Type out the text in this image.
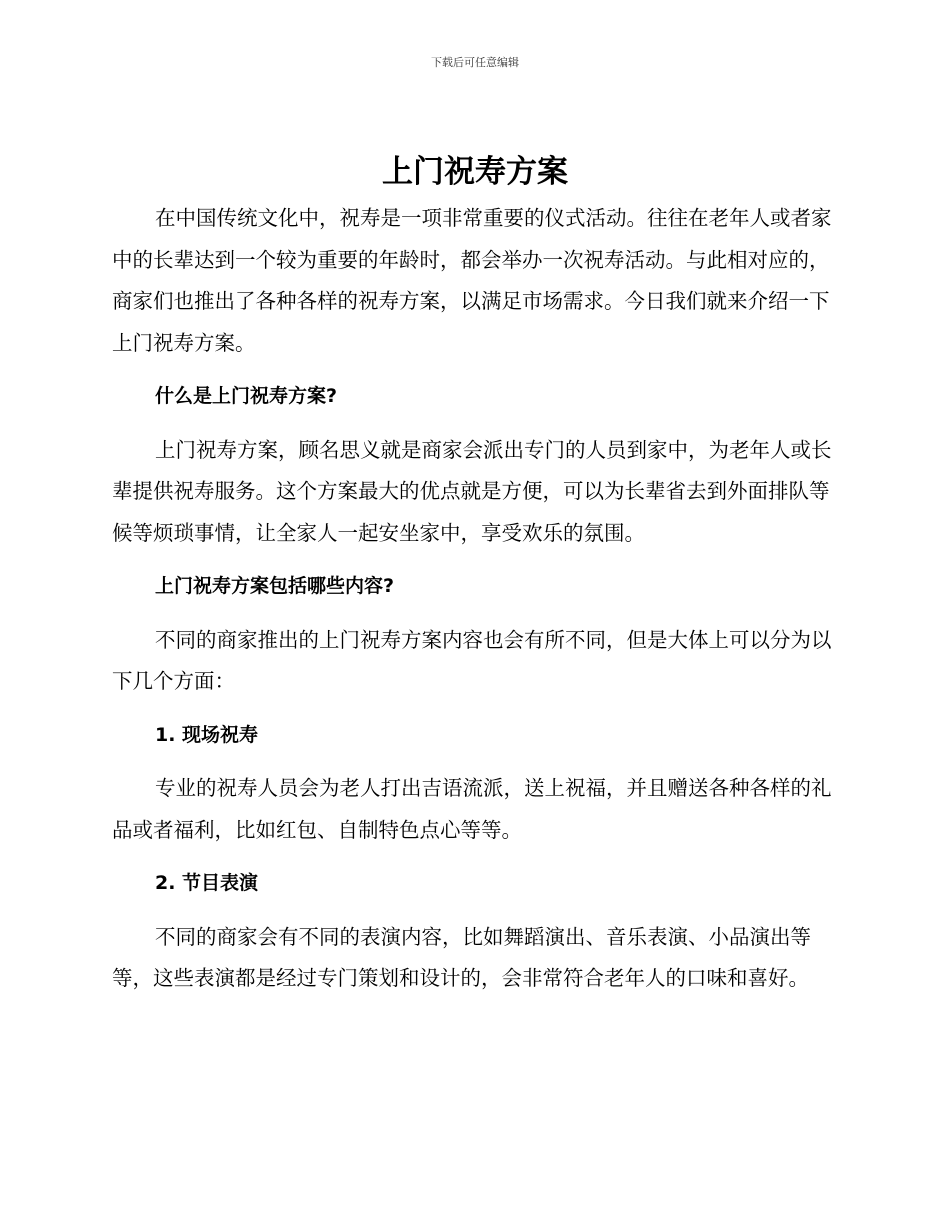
下载后可任意编辑
上门祝寿方案

在中国传统文化中，祝寿是一项非常重要的仪式活动。往往在老年人或者家中的长辈达到一个较为重要的年龄时，都会举办一次祝寿活动。与此相对应的，商家们也推出了各种各样的祝寿方案，以满足市场需求。今日我们就来介绍一下上门祝寿方案。

什么是上门祝寿方案?

上门祝寿方案，顾名思义就是商家会派出专门的人员到家中，为老年人或长辈提供祝寿服务。这个方案最大的优点就是方便，可以为长辈省去到外面排队等候等烦琐事情，让全家人一起安坐家中，享受欢乐的氛围。

上门祝寿方案包括哪些内容?

不同的商家推出的上门祝寿方案内容也会有所不同，但是大体上可以分为以下几个方面：

1. 现场祝寿

专业的祝寿人员会为老人打出吉语流派，送上祝福，并且赠送各种各样的礼品或者福利，比如红包、自制特色点心等等。

2. 节目表演

不同的商家会有不同的表演内容，比如舞蹈演出、音乐表演、小品演出等等，这些表演都是经过专门策划和设计的，会非常符合老年人的口味和喜好。
